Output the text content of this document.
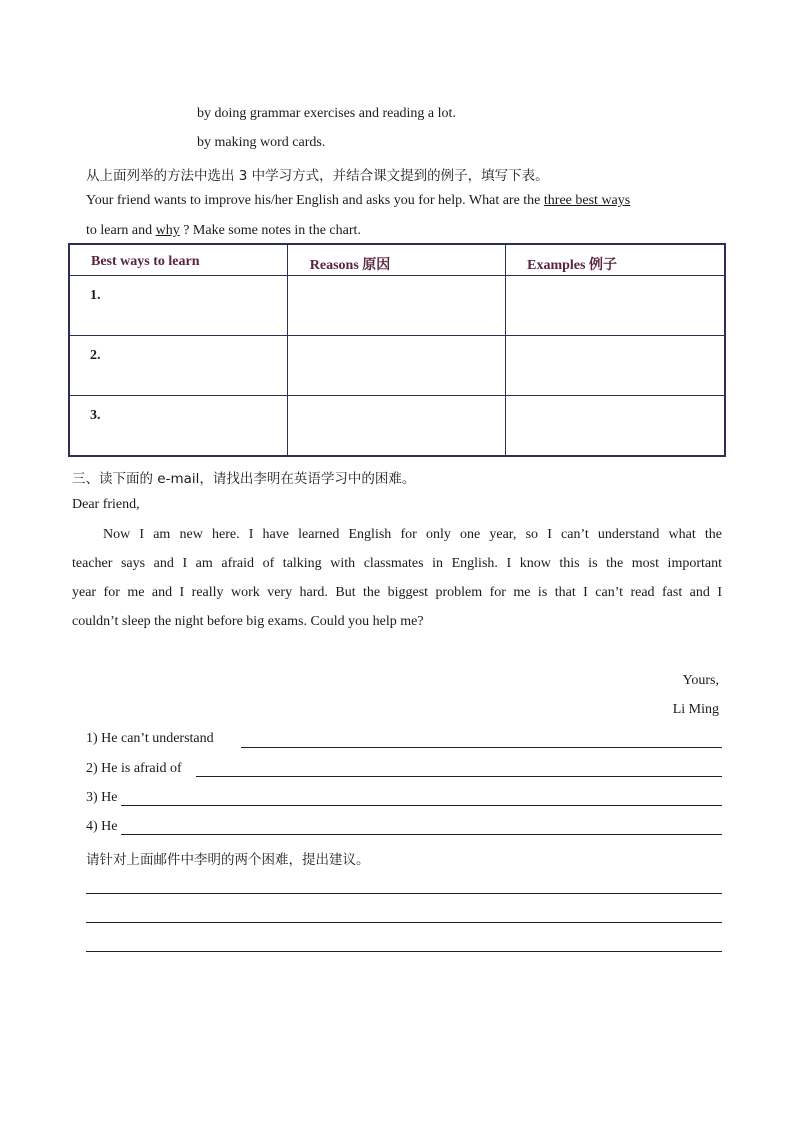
by doing grammar exercises and reading a lot.
by making word cards.
从上面列举的方法中选出 3 中学习方式，并结合课文提到的例子，填写下表。
Your friend wants to improve his/her English and asks you for help. What are the three best ways
to learn and why ? Make some notes in the chart.
Best ways to learn	Reasons 原因	Examples 例子

1.		

2.		

3.		

三、读下面的 e-mail，请找出李明在英语学习中的困难。
Dear friend,
Now I am new here. I have learned English for only one year, so I can’t understand what the
teacher says and I am afraid of talking with classmates in English. I know this is the most important
year for me and I really work very hard. But the biggest problem for me is that I can’t read fast and I
couldn’t sleep the night before big exams. Could you help me?
Yours,
Li Ming
1) He can’t understand
2) He is afraid of
3) He
4) He
请针对上面邮件中李明的两个困难，提出建议。
